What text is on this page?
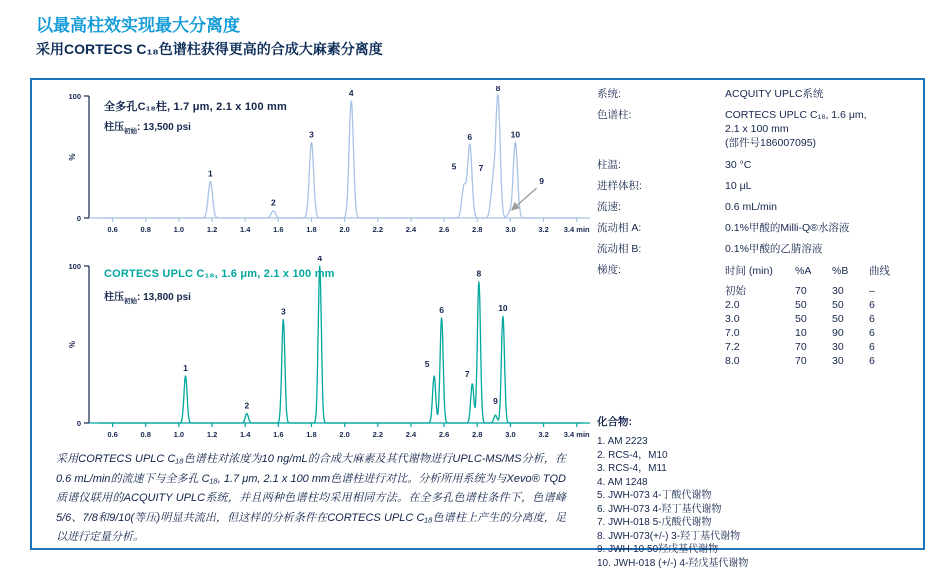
以最高柱效实现最大分离度
采用CORTECS C₁₈色谱柱获得更高的合成大麻素分离度
100
0
%
0.6	0.8	1.0	1.2	1.4	1.6	1.8	2.0	2.2	2.4	2.6	2.8	3.0	3.2 3.4 min
1
2
3
4
5
6
7
8
9
10
全多孔C₁₈柱, 1.7 μm, 2.1 x 100 mm
柱压$_{初始}$: 13,500 psi
100
0
%
0.6	0.8	1.0	1.2	1.4	1.6	1.8	2.0	2.2	2.4	2.6	2.8	3.0	3.2 3.4 min
1
2
3
4
5
6
7
8
9
10
CORTECS UPLC C₁₈, 1.6 μm, 2.1 x 100 mm
柱压$_{初始}$: 13,800 psi
采用CORTECS UPLC C₁₈色谱柱对浓度为10 ng/mL的合成大麻素及其代谢物进行UPLC-MS/MS分析，在0.6 mL/min的流速下与全多孔 C₁₈, 1.7 μm, 2.1 x 100 mm色谱柱进行对比。分析所用系统为与Xevo® TQD质谱仪联用的ACQUITY UPLC系统，并且两种色谱柱均采用相同方法。在全多孔色谱柱条件下，色谱峰5/6、7/8和9/10(等压)明显共流出，但这样的分析条件在CORTECS UPLC C₁₈色谱柱上产生的分离度，足以进行定量分析。
系统:	ACQUITY UPLC系统
色谱柱:	CORTECS UPLC C₁₈, 1.6 μm,
2.1 x 100 mm
(部件号186007095)
柱温:	30 °C
进样体积:	10 μL
流速:	0.6 mL/min
流动相 A:	0.1%甲酸的Milli-Q®水溶液
流动相 B:	0.1%甲酸的乙腈溶液
梯度:	时间 (min)	%A	%B	曲线
初始	70	30	–
2.0	50	50	6
3.0	50	50	6
7.0	10	90	6
7.2	70	30	6
8.0	70	30	6
化合物:
1. AM 2223
2. RCS-4，M10
3. RCS-4，M11
4. AM 1248
5. JWH-073 4-丁酸代谢物
6. JWH-073 4-羟丁基代谢物
7. JWH-018 5-戊酸代谢物
8. JWH-073(+/-) 3-羟丁基代谢物
9. JWH-10 50羟戊基代谢物
10. JWH-018 (+/-) 4-羟戊基代谢物
